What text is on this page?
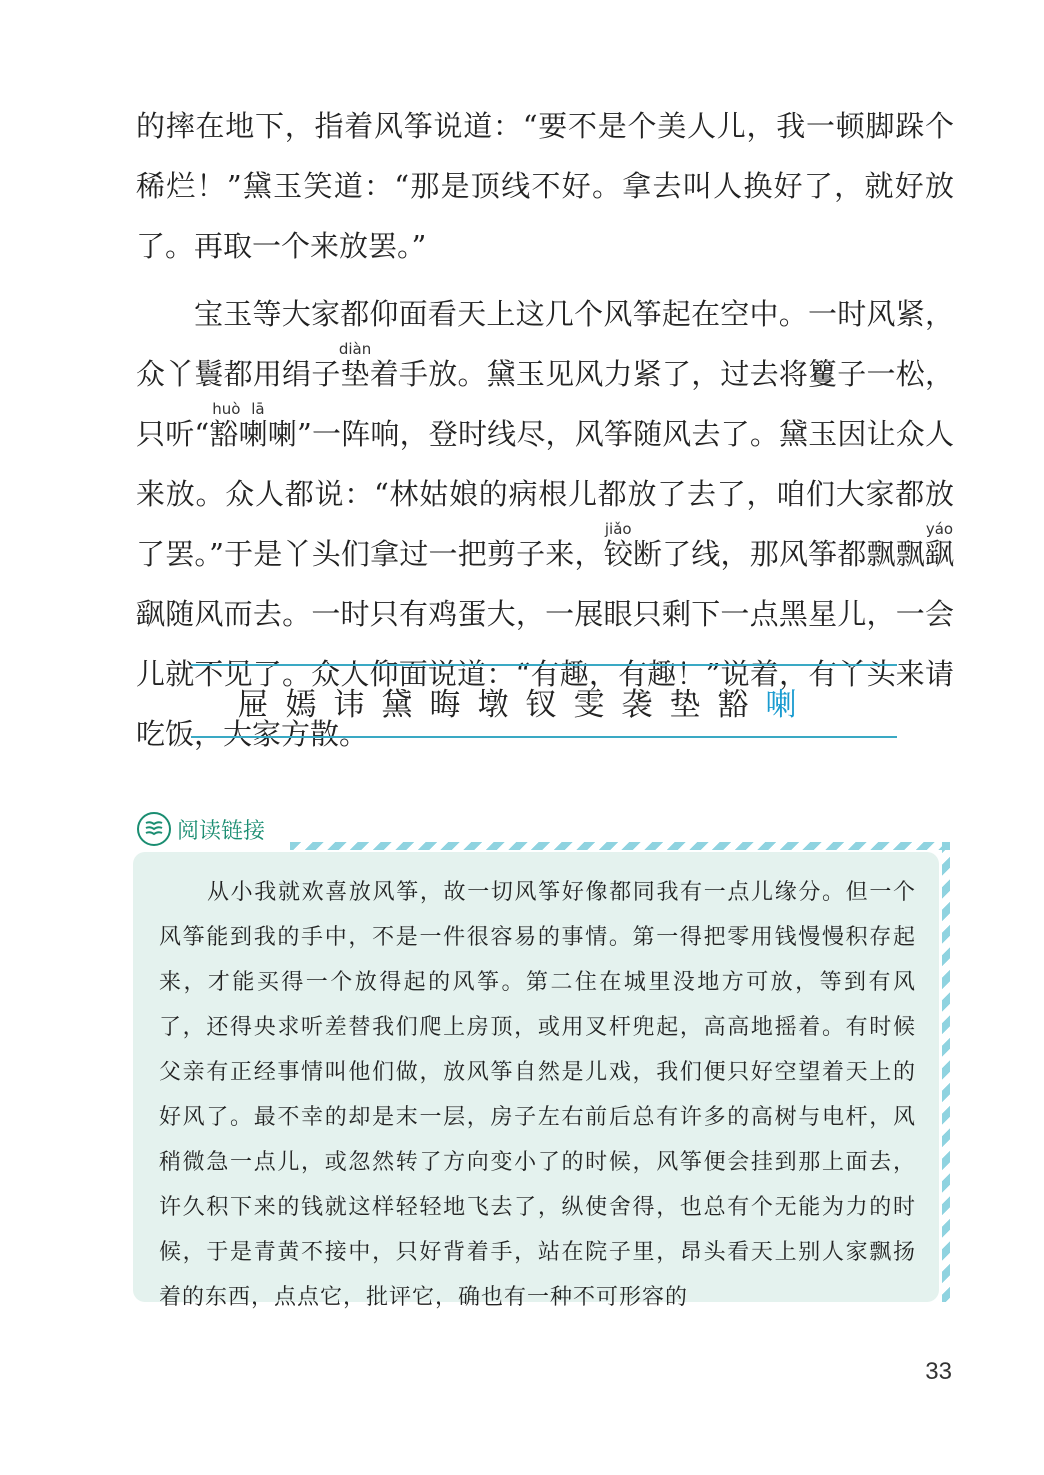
的摔在地下，指着风筝说道：“要不是个美人儿，我一顿脚跺个稀烂！”黛玉笑道：“那是顶线不好。拿去叫人换好了，就好放了。再取一个来放罢。”

宝玉等大家都仰面看天上这几个风筝起在空中。一时风紧，众丫鬟都用绢子垫diàn着手放。黛玉见风力紧了，过去将籰子一松，只听“豁喇huò lā喇”一阵响，登时线尽，风筝随风去了。黛玉因让众人来放。众人都说：“林姑娘的病根儿都放了去了，咱们大家都放了罢。”于是丫头们拿过一把剪子来，铰jiǎo断了线，那风筝都飘飘飖yáo飖随风而去。一时只有鸡蛋大，一展眼只剩下一点黑星儿，一会儿就不见了。众人仰面说道：“有趣，有趣！”说着，有丫头来请吃饭，大家方散。

屉 嫣 讳 黛 晦 墩 钗 雯 袭 垫 豁 喇
阅读链接

从小我就欢喜放风筝，故一切风筝好像都同我有一点儿缘分。但一个风筝能到我的手中，不是一件很容易的事情。第一得把零用钱慢慢积存起来，才能买得一个放得起的风筝。第二住在城里没地方可放，等到有风了，还得央求听差替我们爬上房顶，或用叉杆兜起，高高地摇着。有时候父亲有正经事情叫他们做，放风筝自然是儿戏，我们便只好空望着天上的好风了。最不幸的却是末一层，房子左右前后总有许多的高树与电杆，风稍微急一点儿，或忽然转了方向变小了的时候，风筝便会挂到那上面去，许久积下来的钱就这样轻轻地飞去了，纵使舍得，也总有个无能为力的时候，于是青黄不接中，只好背着手，站在院子里，昂头看天上别人家飘扬着的东西，点点它，批评它，确也有一种不可形容的

33
